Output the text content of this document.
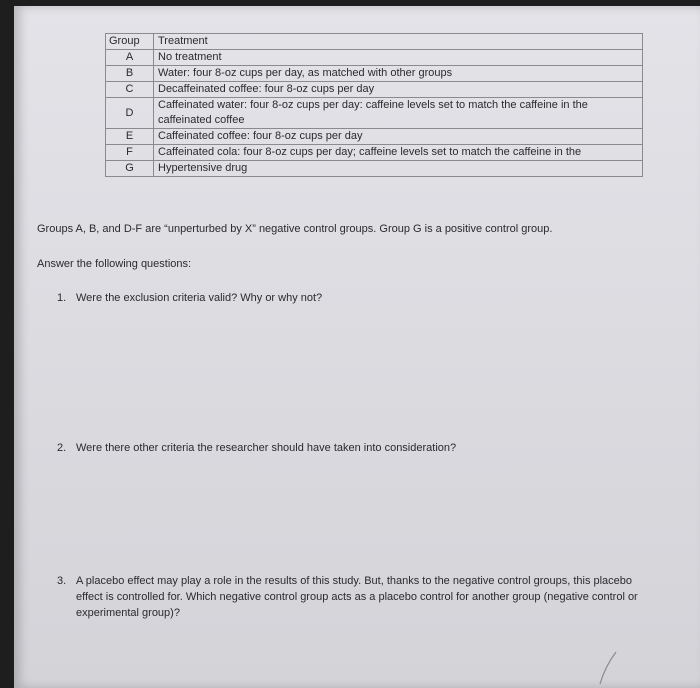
Group	Treatment
A	No treatment
B	Water: four 8-oz cups per day, as matched with other groups
C	Decaffeinated coffee: four 8-oz cups per day
D	Caffeinated water: four 8-oz cups per day: caffeine levels set to match the caffeine in the caffeinated coffee
E	Caffeinated coffee: four 8-oz cups per day
F	Caffeinated cola: four 8-oz cups per day; caffeine levels set to match the caffeine in the
G	Hypertensive drug
Groups A, B, and D-F are “unperturbed by X” negative control groups. Group G is a positive control group.
Answer the following questions:
1. Were the exclusion criteria valid? Why or why not?
2. Were there other criteria the researcher should have taken into consideration?
3. A placebo effect may play a role in the results of this study. But, thanks to the negative control groups, this placebo effect is controlled for. Which negative control group acts as a placebo control for another group (negative control or experimental group)?
